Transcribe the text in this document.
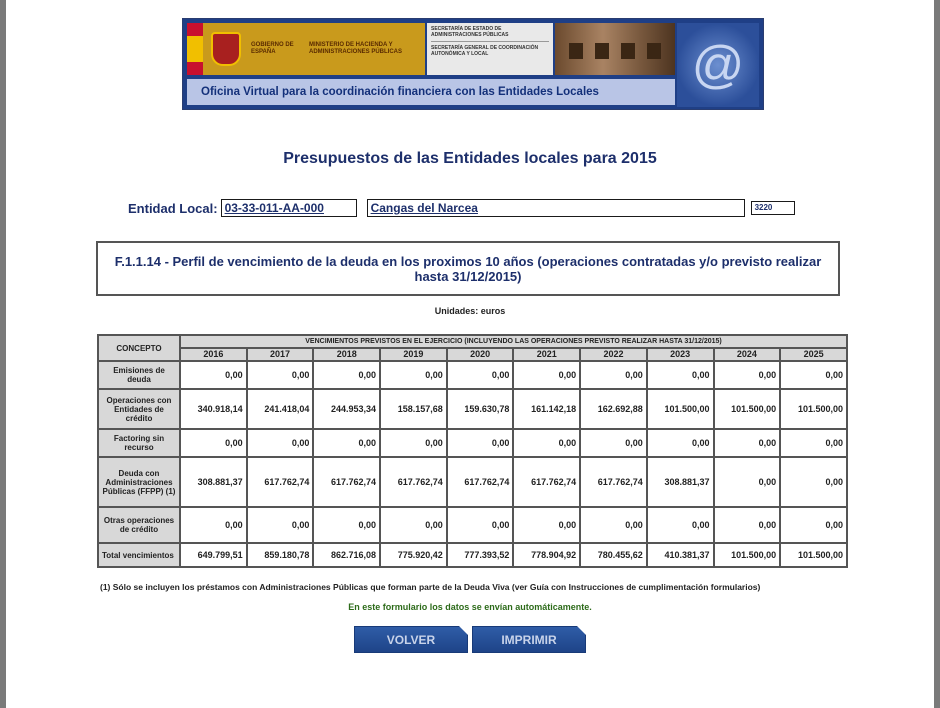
GOBIERNO DE ESPAÑA
MINISTERIO DE HACIENDA Y ADMINISTRACIONES PÚBLICAS
SECRETARÍA DE ESTADO DE ADMINISTRACIONES PÚBLICAS
SECRETARÍA GENERAL DE COORDINACIÓN AUTONÓMICA Y LOCAL	@
Oficina Virtual para la coordinación financiera con las Entidades Locales
Presupuestos de las Entidades locales para 2015
Entidad Local: 03-33-011-AA-000	Cangas del Narcea	3220
F.1.1.14 - Perfil de vencimiento de la deuda en los proximos 10 años (operaciones contratadas y/o previsto realizar hasta 31/12/2015)
Unidades: euros
CONCEPTO	VENCIMIENTOS PREVISTOS EN EL EJERCICIO (INCLUYENDO LAS OPERACIONES PREVISTO REALIZAR HASTA 31/12/2015)									
	2016	2017	2018	2019	2020	2021	2022	2023	2024	2025
Emisiones de deuda	0,00	0,00	0,00	0,00	0,00	0,00	0,00	0,00	0,00	0,00
Operaciones con Entidades de crédito	340.918,14	241.418,04	244.953,34	158.157,68	159.630,78	161.142,18	162.692,88	101.500,00	101.500,00	101.500,00
Factoring sin recurso	0,00	0,00	0,00	0,00	0,00	0,00	0,00	0,00	0,00	0,00
Deuda con Administraciones Públicas (FFPP) (1)	308.881,37	617.762,74	617.762,74	617.762,74	617.762,74	617.762,74	617.762,74	308.881,37	0,00	0,00
Otras operaciones de crédito	0,00	0,00	0,00	0,00	0,00	0,00	0,00	0,00	0,00	0,00
Total vencimientos	649.799,51	859.180,78	862.716,08	775.920,42	777.393,52	778.904,92	780.455,62	410.381,37	101.500,00	101.500,00
(1) Sólo se incluyen los préstamos con Administraciones Públicas que forman parte de la Deuda Viva (ver Guía con Instrucciones de cumplimentación formularios)
En este formulario los datos se envían automáticamente.
VOLVER	IMPRIMIR
